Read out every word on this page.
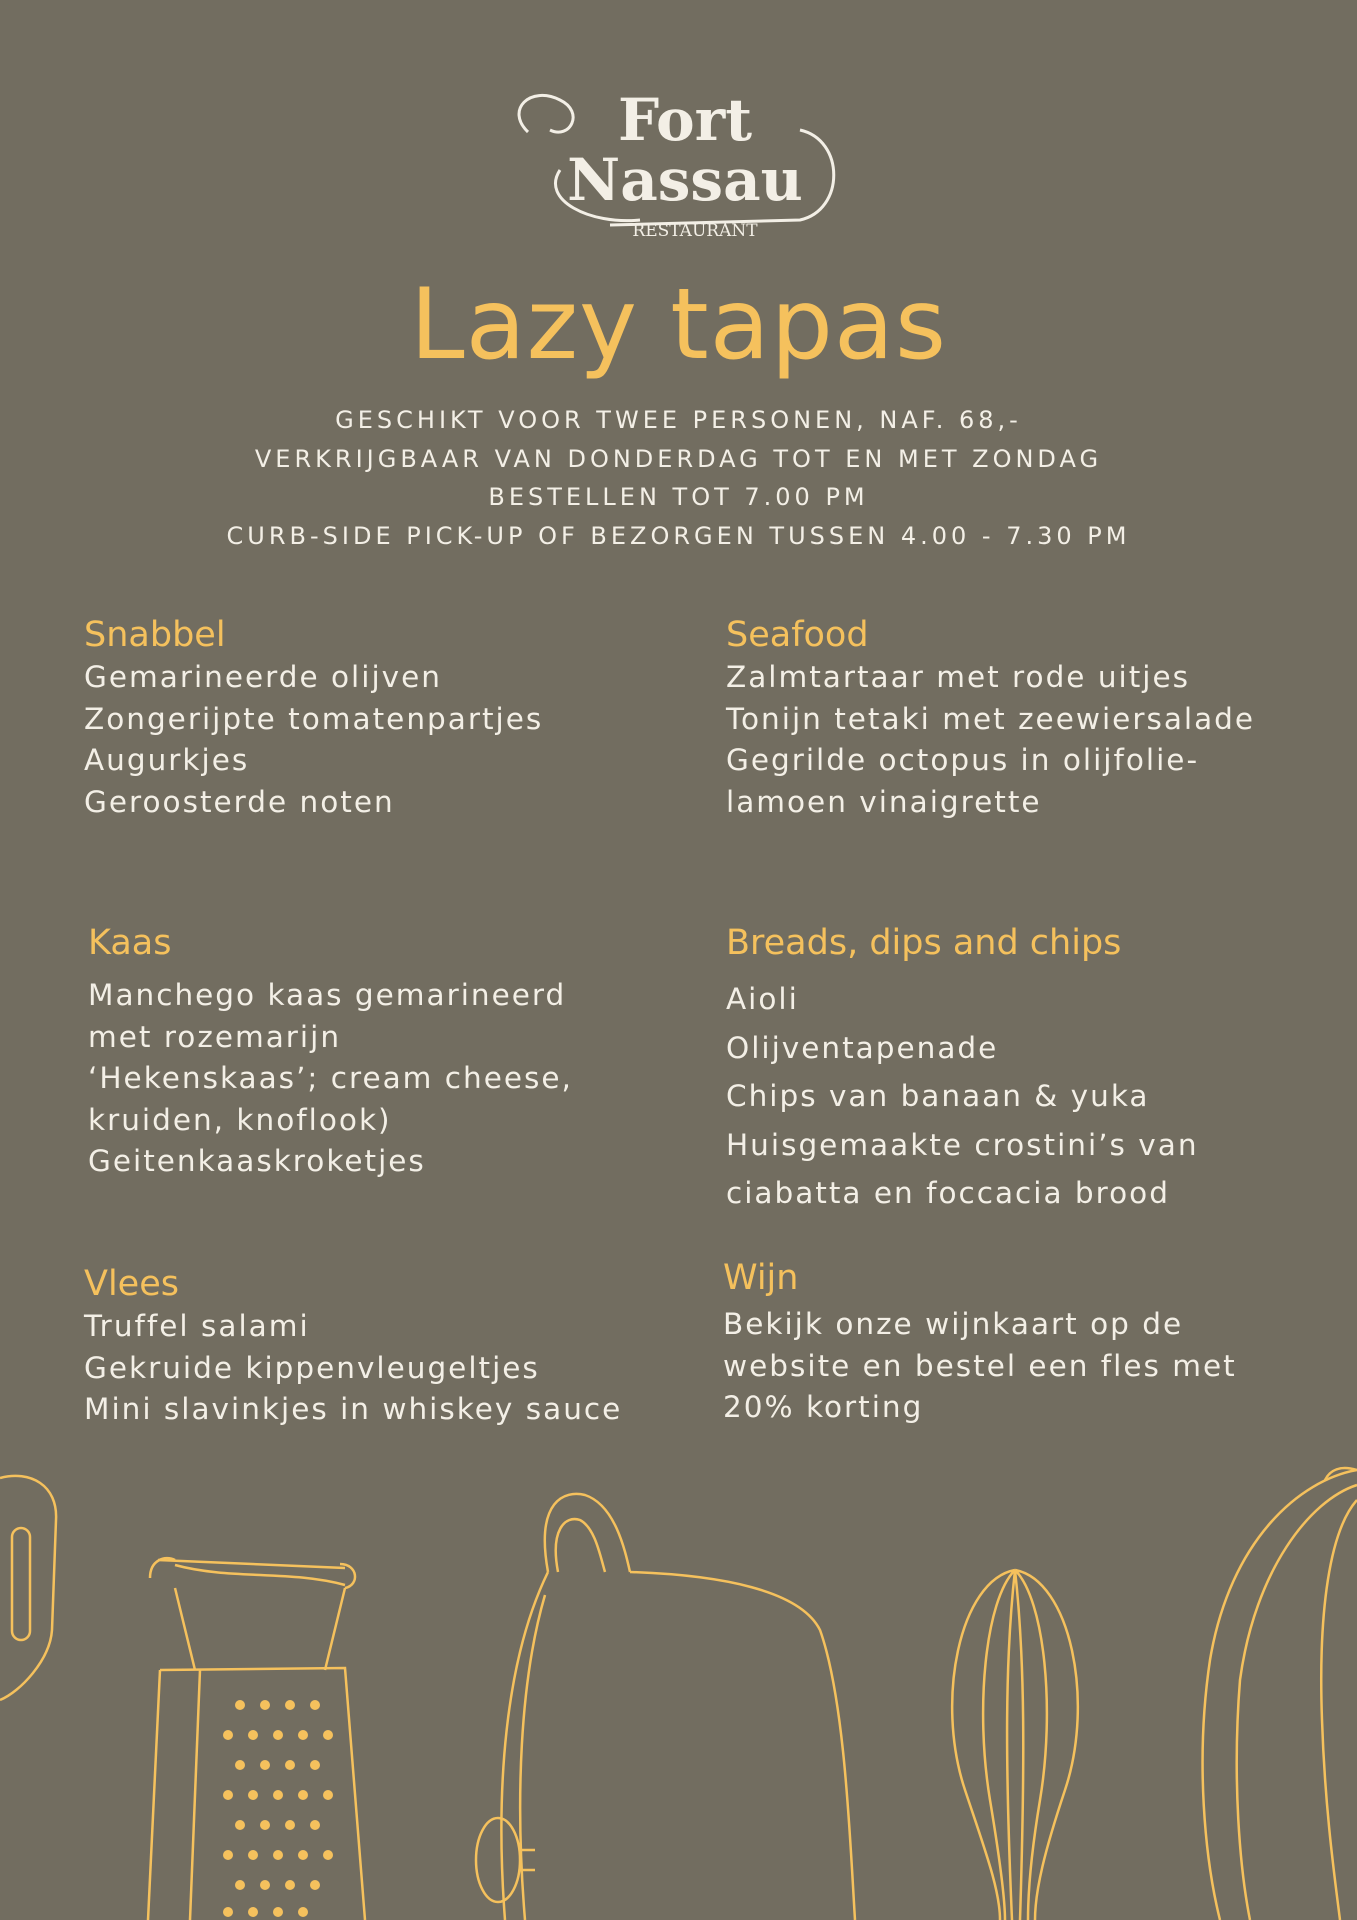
Fort
Nassau
RESTAURANT
Lazy tapas
GESCHIKT VOOR TWEE PERSONEN, NAF. 68,-
VERKRIJGBAAR VAN DONDERDAG TOT EN MET ZONDAG
BESTELLEN TOT 7.00 PM
CURB-SIDE PICK-UP OF BEZORGEN TUSSEN 4.00 - 7.30 PM
Snabbel
Gemarineerde olijven
Zongerijpte tomatenpartjes
Augurkjes
Geroosterde noten
Seafood
Zalmtartaar met rode uitjes
Tonijn tetaki met zeewiersalade
Gegrilde octopus in olijfolie-
lamoen vinaigrette
Kaas
Manchego kaas gemarineerd
met rozemarijn
‘Hekenskaas’; cream cheese,
kruiden, knoflook)
Geitenkaaskroketjes
Breads, dips and chips
Aioli
Olijventapenade
Chips van banaan & yuka
Huisgemaakte crostini’s van
ciabatta en foccacia brood
Vlees
Truffel salami
Gekruide kippenvleugeltjes
Mini slavinkjes in whiskey sauce
Wijn
Bekijk onze wijnkaart op de
website en bestel een fles met
20% korting
